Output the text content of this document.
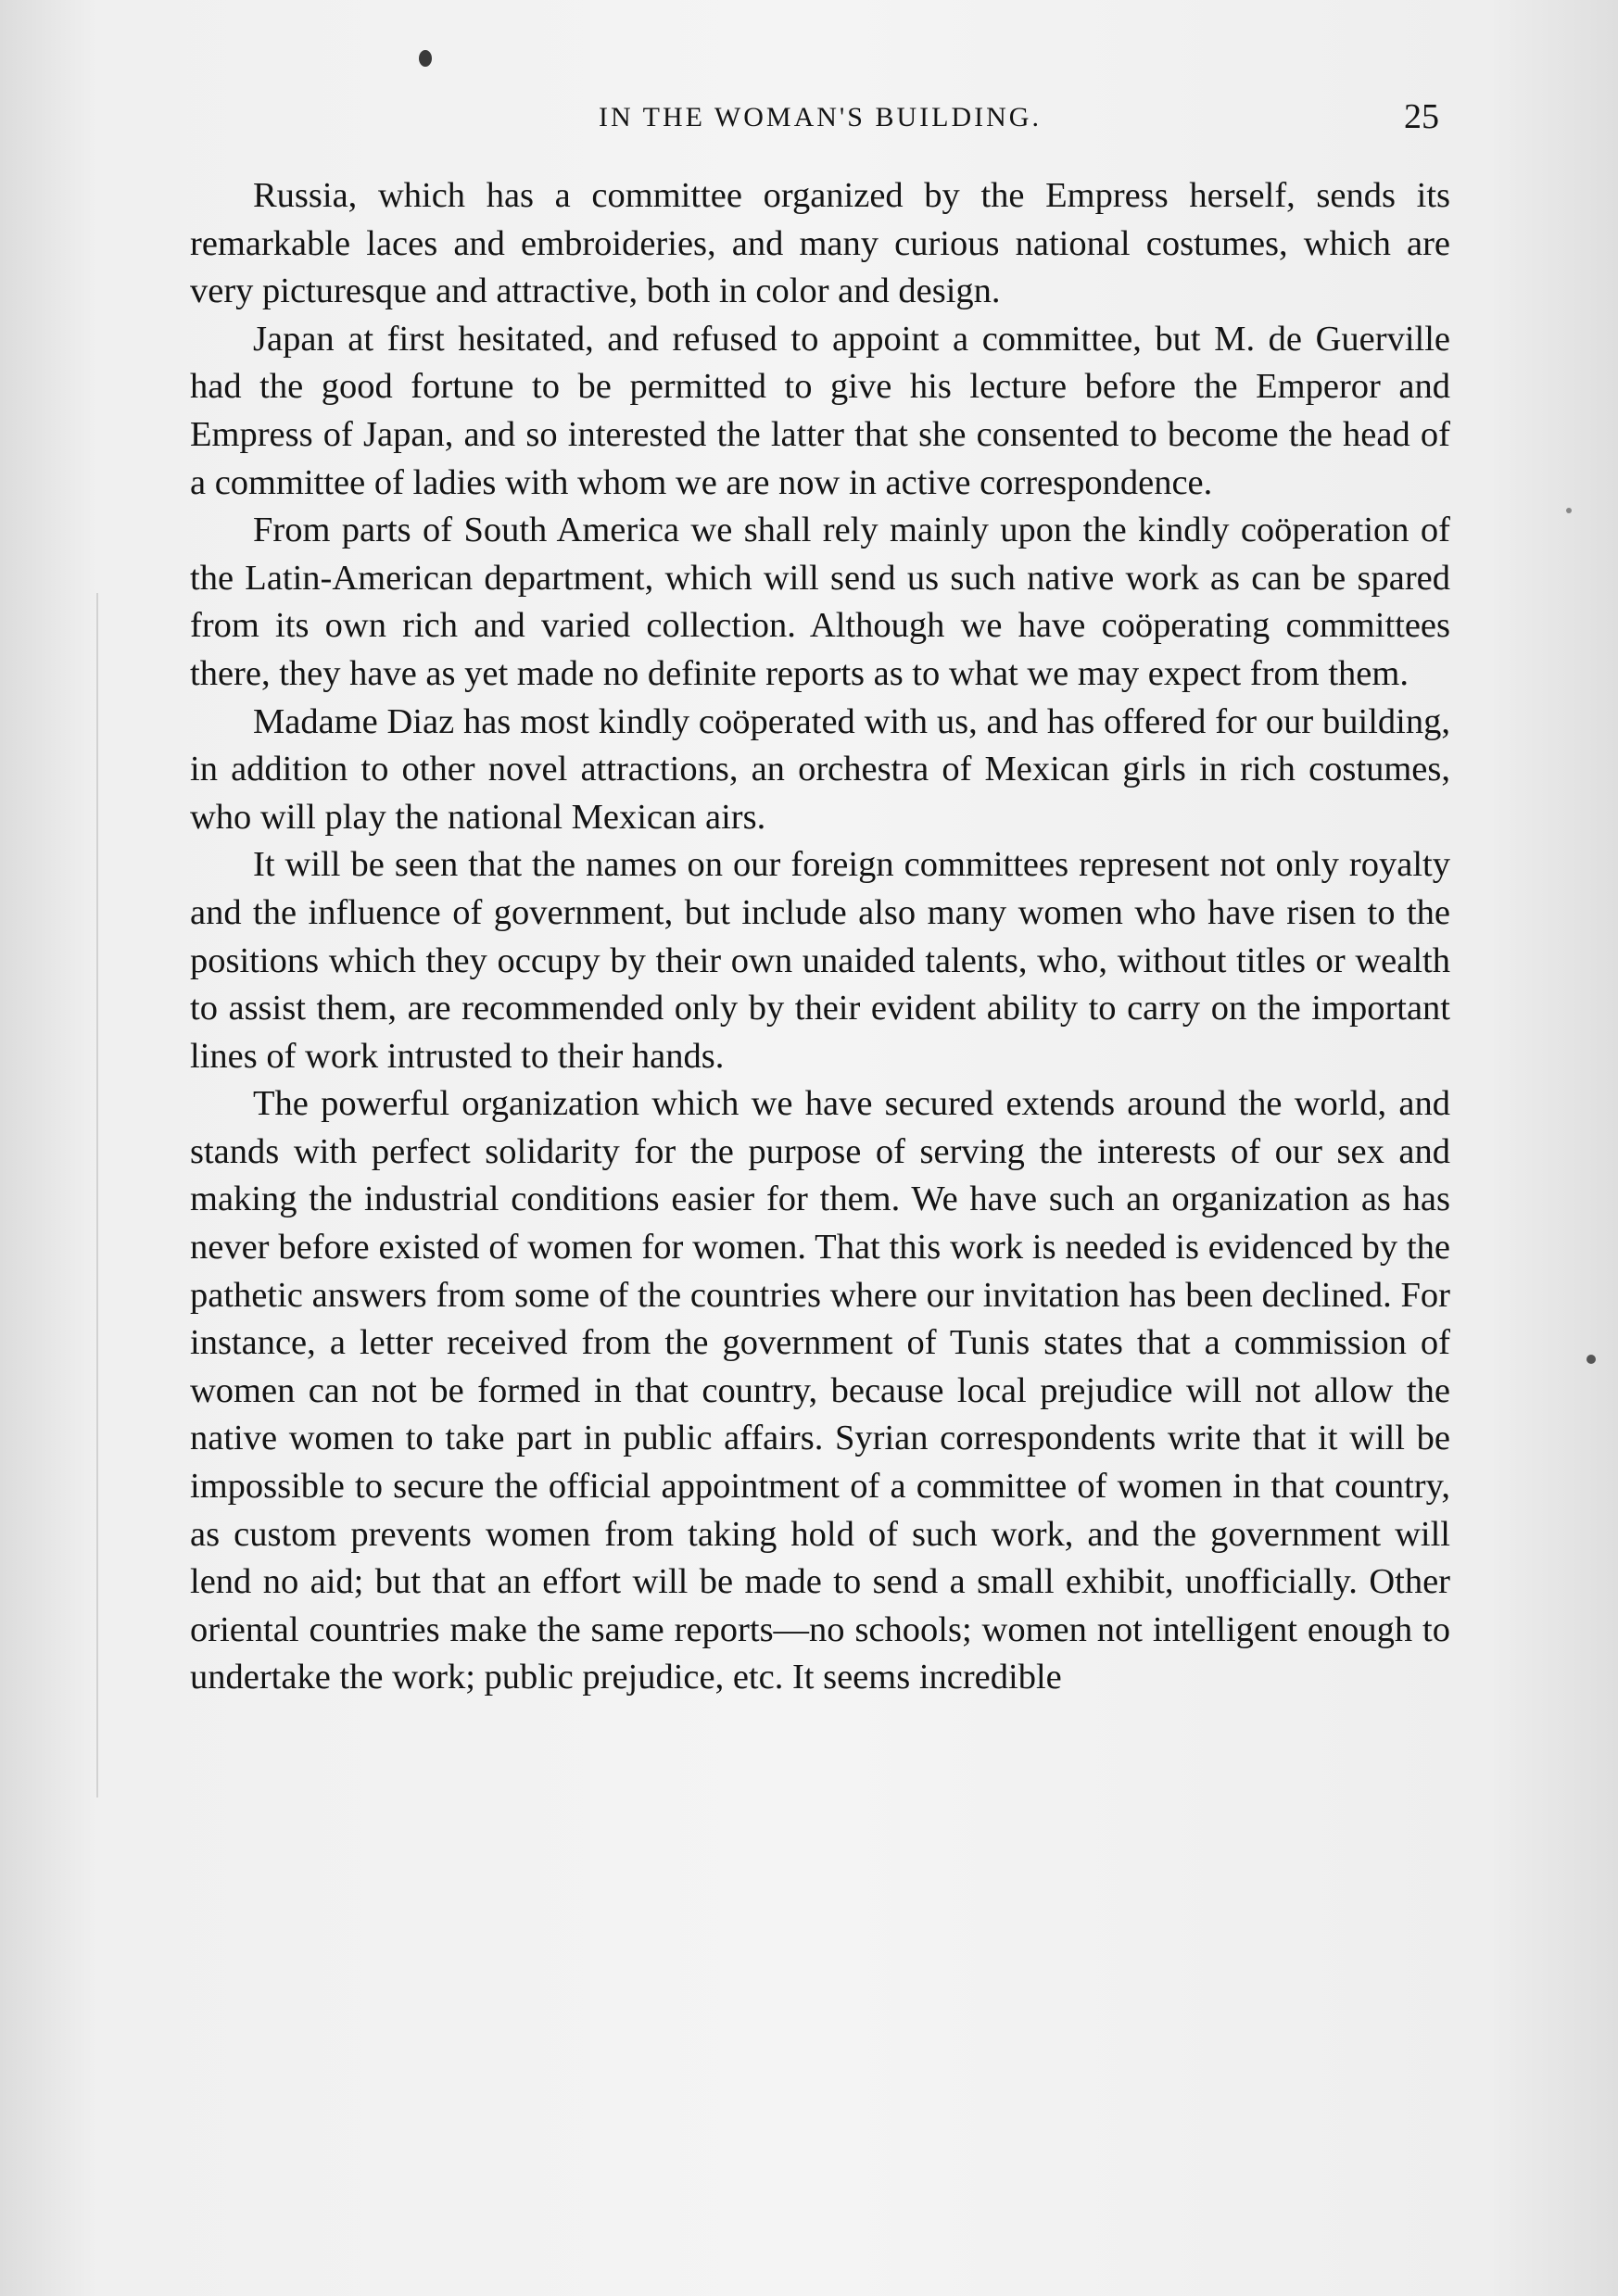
IN THE WOMAN'S BUILDING.	25

Russia, which has a committee organized by the Empress herself, sends its remarkable laces and embroideries, and many curious national costumes, which are very picturesque and attractive, both in color and design.

Japan at first hesitated, and refused to appoint a committee, but M. de Guerville had the good fortune to be permitted to give his lecture before the Emperor and Empress of Japan, and so interested the latter that she consented to become the head of a committee of ladies with whom we are now in active correspondence.

From parts of South America we shall rely mainly upon the kindly coöperation of the Latin-American department, which will send us such native work as can be spared from its own rich and varied collection. Although we have coöperating committees there, they have as yet made no definite reports as to what we may expect from them.

Madame Diaz has most kindly coöperated with us, and has offered for our building, in addition to other novel attractions, an orchestra of Mexican girls in rich costumes, who will play the national Mexican airs.

It will be seen that the names on our foreign committees represent not only royalty and the influence of government, but include also many women who have risen to the positions which they occupy by their own unaided talents, who, without titles or wealth to assist them, are recommended only by their evident ability to carry on the important lines of work intrusted to their hands.

The powerful organization which we have secured extends around the world, and stands with perfect solidarity for the purpose of serving the interests of our sex and making the industrial conditions easier for them. We have such an organization as has never before existed of women for women. That this work is needed is evidenced by the pathetic answers from some of the countries where our invitation has been declined. For instance, a letter received from the government of Tunis states that a commission of women can not be formed in that country, because local prejudice will not allow the native women to take part in public affairs. Syrian correspondents write that it will be impossible to secure the official appointment of a committee of women in that country, as custom prevents women from taking hold of such work, and the government will lend no aid; but that an effort will be made to send a small exhibit, unofficially. Other oriental countries make the same reports—no schools; women not intelligent enough to undertake the work; public prejudice, etc. It seems incredible
